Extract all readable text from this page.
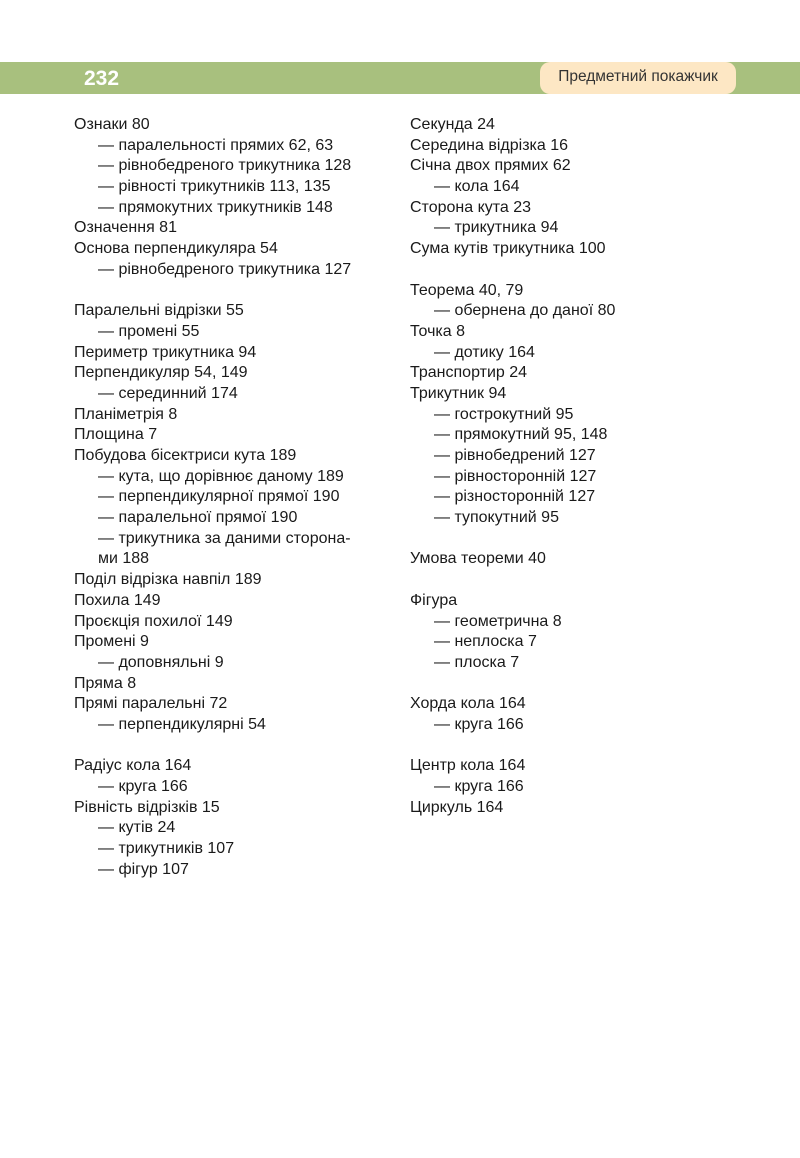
232	Предметний покажчик
Ознаки 80
— паралельності прямих 62, 63
— рівнобедреного трикутника 128
— рівності трикутників 113, 135
— прямокутних трикутників 148
Означення 81
Основа перпендикуляра 54
— рівнобедреного трикутника 127
Паралельні відрізки 55
— промені 55
Периметр трикутника 94
Перпендикуляр 54, 149
— серединний 174
Планіметрія 8
Площина 7
Побудова бісектриси кута 189
— кута, що дорівнює даному 189
— перпендикулярної прямої 190
— паралельної прямої 190
— трикутника за даними сторона-
ми 188
Поділ відрізка навпіл 189
Похила 149
Проєкція похилої 149
Промені 9
— доповняльні 9
Пряма 8
Прямі паралельні 72
— перпендикулярні 54
Радіус кола 164
— круга 166
Рівність відрізків 15
— кутів 24
— трикутників 107
— фігур 107
Секунда 24
Середина відрізка 16
Січна двох прямих 62
— кола 164
Сторона кута 23
— трикутника 94
Сума кутів трикутника 100
Теорема 40, 79
— обернена до даної 80
Точка 8
— дотику 164
Транспортир 24
Трикутник 94
— гострокутний 95
— прямокутний 95, 148
— рівнобедрений 127
— рівносторонній 127
— різносторонній 127
— тупокутний 95
Умова теореми 40
Фігура
— геометрична 8
— неплоска 7
— плоска 7
Хорда кола 164
— круга 166
Центр кола 164
— круга 166
Циркуль 164
